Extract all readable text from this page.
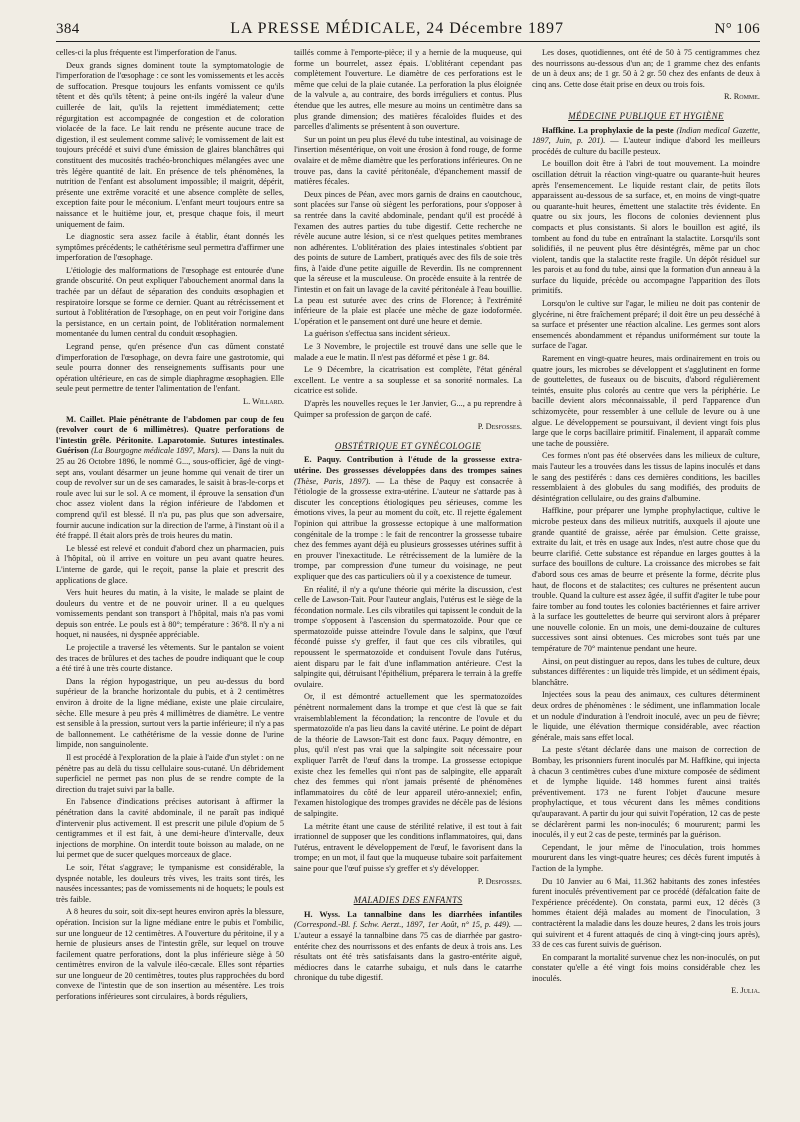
384	LA PRESSE MÉDICALE, 24 Décembre 1897	N° 106

celles-ci la plus fréquente est l'imperforation de l'anus.

Deux grands signes dominent toute la symptomatologie de l'imperforation de l'œsophage : ce sont les vomissements et les accès de suffocation. Presque toujours les enfants vomissent ce qu'ils têtent et dès qu'ils têtent; à peine ont-ils ingéré la valeur d'une cuillerée de lait, qu'ils la rejettent immédiatement; cette régurgitation est accompagnée de congestion et de coloration violacée de la face. Le lait rendu ne présente aucune trace de digestion, il est seulement comme salivé; le vomissement de lait est toujours précédé et suivi d'une émission de glaires blanchâtres qui constituent des mucosités trachéo-bronchiques mélangées avec une très légère quantité de lait. En présence de tels phénomènes, la nutrition de l'enfant est absolument impossible; il maigrit, dépérit, présente une extrême voracité et une absence complète de selles, exception faite pour le méconium. L'enfant meurt toujours entre sa naissance et le huitième jour, et, presque chaque fois, il meurt uniquement de faim.

Le diagnostic sera assez facile à établir, étant donnés les symptômes précédents; le cathétérisme seul permettra d'affirmer une imperforation de l'œsophage.

L'étiologie des malformations de l'œsophage est entourée d'une grande obscurité. On peut expliquer l'abouchement anormal dans la trachée par un défaut de séparation des conduits œsophagien et respiratoire lorsque se forme ce dernier. Quant au rétrécissement et surtout à l'oblitération de l'œsophage, on en peut voir l'origine dans la persistance, en un certain point, de l'oblitération normalement momentanée du lumen central du conduit œsophagien.

Legrand pense, qu'en présence d'un cas dûment constaté d'imperforation de l'œsophage, on devra faire une gastrotomie, qui seule pourra donner des renseignements suffisants pour une opération ultérieure, en cas de simple diaphragme œsophagien. Elle seule peut permettre de tenter l'alimentation de l'enfant.

L. Willard.

M. Caillet. Plaie pénétrante de l'abdomen par coup de feu (revolver court de 6 millimètres). Quatre perforations de l'intestin grêle. Péritonite. Laparotomie. Sutures intestinales. Guérison (La Bourgogne médicale 1897, Mars). — Dans la nuit du 25 au 26 Octobre 1896, le nommé G..., sous-officier, âgé de vingt-sept ans, voulant désarmer un jeune homme qui venait de tirer un coup de revolver sur un de ses camarades, le saisit à bras-le-corps et roule avec lui sur le sol. A ce moment, il éprouve la sensation d'un choc assez violent dans la région inférieure de l'abdomen et comprend qu'il est blessé. Il n'a pu, pas plus que son adversaire, fournir aucune indication sur la direction de l'arme, à l'instant où il a été frappé. Il était alors près de trois heures du matin.

Le blessé est relevé et conduit d'abord chez un pharmacien, puis à l'hôpital, où il arrive en voiture un peu avant quatre heures. L'interne de garde, qui le reçoit, panse la plaie et prescrit des applications de glace.

Vers huit heures du matin, à la visite, le malade se plaint de douleurs du ventre et de ne pouvoir uriner. Il a eu quelques vomissements pendant son transport à l'hôpital, mais n'a pas vomi depuis son entrée. Le pouls est à 80°; température : 36°8. Il n'y a ni hoquet, ni nausées, ni dyspnée appréciable.

Le projectile a traversé les vêtements. Sur le pantalon se voient des traces de brûlures et des taches de poudre indiquant que le coup a été tiré à une très courte distance.

Dans la région hypogastrique, un peu au-dessus du bord supérieur de la branche horizontale du pubis, et à 2 centimètres environ à droite de la ligne médiane, existe une plaie circulaire, sèche. Elle mesure à peu près 4 millimètres de diamètre. Le ventre est sensible à la pression, surtout vers la partie inférieure; il n'y a pas de ballonnement. Le cathétérisme de la vessie donne de l'urine limpide, non sanguinolente.

Il est procédé à l'exploration de la plaie à l'aide d'un stylet : on ne pénètre pas au delà du tissu cellulaire sous-cutané. Un débridement superficiel ne permet pas non plus de se rendre compte de la direction du trajet suivi par la balle.

En l'absence d'indications précises autorisant à affirmer la pénétration dans la cavité abdominale, il ne paraît pas indiqué d'intervenir plus activement. Il est prescrit une pilule d'opium de 5 centigrammes et il est fait, à une demi-heure d'intervalle, deux injections de morphine. On interdit toute boisson au malade, on ne lui permet que de sucer quelques morceaux de glace.

Le soir, l'état s'aggrave; le tympanisme est considérable, la dyspnée notable, les douleurs très vives, les traits sont tirés, les nausées incessantes; pas de vomissements ni de hoquets; le pouls est très faible.

A 8 heures du soir, soit dix-sept heures environ après la blessure, opération. Incision sur la ligne médiane entre le pubis et l'ombilic, sur une longueur de 12 centimètres. A l'ouverture du péritoine, il y a hernie de plusieurs anses de l'intestin grêle, sur lequel on trouve facilement quatre perforations, dont la plus inférieure siège à 50 centimètres environ de la valvule iléo-cæcale. Elles sont réparties sur une longueur de 20 centimètres, toutes plus rapprochées du bord convexe de l'intestin que de son insertion au mésentère. Les trois perforations inférieures sont circulaires, à bords réguliers,

taillés comme à l'emporte-pièce; il y a hernie de la muqueuse, qui forme un bourrelet, assez épais. L'oblitérant cependant pas complètement l'ouverture. Le diamètre de ces perforations est le même que celui de la plaie cutanée. La perforation la plus éloignée de la valvule a, au contraire, des bords irréguliers et contus. Plus étendue que les autres, elle mesure au moins un centimètre dans sa plus grande dimension; des matières fécaloïdes fluides et des parcelles d'aliments se présentent à son ouverture.

Sur un point un peu plus élevé du tube intestinal, au voisinage de l'insertion mésentérique, on voit une érosion à fond rouge, de forme ovalaire et de même diamètre que les perforations inférieures. On ne trouve pas, dans la cavité péritonéale, d'épanchement massif de matières fécales.

Deux pinces de Péan, avec mors garnis de drains en caoutchouc, sont placées sur l'anse où siègent les perforations, pour s'opposer à sa rentrée dans la cavité abdominale, pendant qu'il est procédé à l'examen des autres parties du tube digestif. Cette recherche ne révèle aucune autre lésion, si ce n'est quelques petites membranes non adhérentes. L'oblitération des plaies intestinales s'obtient par des points de suture de Lambert, pratiqués avec des fils de soie très fins, à l'aide d'une petite aiguille de Reverdin. Ils ne comprennent que la séreuse et la musculeuse. On procède ensuite à la rentrée de l'intestin et on fait un lavage de la cavité péritonéale à l'eau bouillie. La peau est suturée avec des crins de Florence; à l'extrémité inférieure de la plaie est placée une mèche de gaze iodoformée. L'opération et le pansement ont duré une heure et demie.

La guérison s'effectua sans incident sérieux.

Le 3 Novembre, le projectile est trouvé dans une selle que le malade a eue le matin. Il n'est pas déformé et pèse 1 gr. 84.

Le 9 Décembre, la cicatrisation est complète, l'état général excellent. Le ventre a sa souplesse et sa sonorité normales. La cicatrice est solide.

D'après les nouvelles reçues le 1er Janvier, G..., a pu reprendre à Quimper sa profession de garçon de café.

P. Desfosses.
OBSTÉTRIQUE ET GYNÉCOLOGIE

E. Paquy. Contribution à l'étude de la grossesse extra-utérine. Des grossesses développées dans des trompes saines (Thèse, Paris, 1897). — La thèse de Paquy est consacrée à l'étiologie de la grossesse extra-utérine. L'auteur ne s'attarde pas à discuter les conceptions étiologiques peu sérieuses, comme les émotions vives, la peur au moment du coït, etc. Il rejette également l'opinion qui attribue la grossesse ectopique à une malformation congénitale de la trompe : le fait de rencontrer la grossesse tubaire chez des femmes ayant déjà eu plusieurs grossesses utérines suffit à en prouver l'inexactitude. Le rétrécissement de la lumière de la trompe, par compression d'une tumeur du voisinage, ne peut expliquer que des cas particuliers où il y a coexistence de tumeur.

En réalité, il n'y a qu'une théorie qui mérite la discussion, c'est celle de Lawson-Tait. Pour l'auteur anglais, l'utérus est le siège de la fécondation normale. Les cils vibratiles qui tapissent le conduit de la trompe s'opposent à l'ascension du spermatozoïde. Pour que ce spermatozoïde puisse atteindre l'ovule dans le salpinx, que l'œuf fécondé puisse s'y greffer, il faut que ces cils vibratiles, qui repoussent le spermatozoïde et conduisent l'ovule dans l'utérus, aient disparu par le fait d'une inflammation antérieure. C'est la salpingite qui, détruisant l'épithélium, préparera le terrain à la greffe ovulaire.

Or, il est démontré actuellement que les spermatozoïdes pénètrent normalement dans la trompe et que c'est là que se fait vraisemblablement la fécondation; la rencontre de l'ovule et du spermatozoïde n'a pas lieu dans la cavité utérine. Le point de départ de la théorie de Lawson-Tait est donc faux. Paquy démontre, en plus, qu'il n'est pas vrai que la salpingite soit nécessaire pour expliquer l'arrêt de l'œuf dans la trompe. La grossesse ectopique existe chez les femelles qui n'ont pas de salpingite, elle apparaît chez des femmes qui n'ont jamais présenté de phénomènes inflammatoires du côté de leur appareil utéro-annexiel; enfin, l'examen histologique des trompes gravides ne décèle pas de lésions de salpingite.

La métrite étant une cause de stérilité relative, il est tout à fait irrationnel de supposer que les conditions inflammatoires, qui, dans l'utérus, entravent le développement de l'œuf, le favorisent dans la trompe; en un mot, il faut que la muqueuse tubaire soit parfaitement saine pour que l'œuf puisse s'y greffer et s'y développer.

P. Desfosses.
MALADIES DES ENFANTS

H. Wyss. La tannalbine dans les diarrhées infantiles (Correspond.-Bl. f. Schw. Aerzt., 1897, 1er Août, n° 15, p. 449). — L'auteur a essayé la tannalbine dans 75 cas de diarrhée par gastro-entérite chez des nourrissons et des enfants de deux à trois ans. Les résultats ont été très satisfaisants dans la gastro-entérite aiguë, médiocres dans le catarrhe subaigu, et nuls dans le catarrhe chronique du tube digestif.

Les doses, quotidiennes, ont été de 50 à 75 centigrammes chez des nourrissons au-dessous d'un an; de 1 gramme chez des enfants de un à deux ans; de 1 gr. 50 à 2 gr. 50 chez des enfants de deux à cinq ans. Cette dose était prise en deux ou trois fois.

R. Romme.
MÉDECINE PUBLIQUE ET HYGIÈNE

Haffkine. La prophylaxie de la peste (Indian medical Gazette, 1897, Juin, p. 201). — L'auteur indique d'abord les meilleurs procédés de culture du bacille pesteux.

Le bouillon doit être à l'abri de tout mouvement. La moindre oscillation détruit la réaction vingt-quatre ou quarante-huit heures après l'ensemencement. Le liquide restant clair, de petits îlots apparaissent au-dessous de sa surface, et, en moins de vingt-quatre ou quarante-huit heures, émettent une stalactite très évidente. En quatre ou six jours, les flocons de colonies deviennent plus compacts et plus consistants. Si alors le bouillon est agité, ils tombent au fond du tube en entraînant la stalactite. Lorsqu'ils sont solidifiés, il ne peuvent plus être désintégrés, même par un choc violent, tandis que la stalactite reste fragile. Un dépôt résiduel sur les parois et au fond du tube, ainsi que la formation d'un anneau à la surface du liquide, précède ou accompagne l'apparition des îlots primitifs.

Lorsqu'on le cultive sur l'agar, le milieu ne doit pas contenir de glycérine, ni être fraîchement préparé; il doit être un peu desséché à sa surface et présenter une réaction alcaline. Les germes sont alors ensemencés abondamment et répandus uniformément sur toute la surface de l'agar.

Rarement en vingt-quatre heures, mais ordinairement en trois ou quatre jours, les microbes se développent et s'agglutinent en forme de gouttelettes, de fuseaux ou de biscuits, d'abord régulièrement teintés, ensuite plus colorés au centre que vers la périphérie. Le bacille devient alors méconnaissable, il perd l'apparence d'un schizomycète, pour ressembler à une cellule de levure ou à une algue. Le développement se poursuivant, il devient vingt fois plus large que le corps bacillaire primitif. Finalement, il apparaît comme une tache de poussière.

Ces formes n'ont pas été observées dans les milieux de culture, mais l'auteur les a trouvées dans les tissus de lapins inoculés et dans le sang des pestiférés : dans ces dernières conditions, les bacilles ressemblaient à des globules du sang modifiés, des produits de désintégration cellulaire, ou des grains d'albumine.

Haffkine, pour préparer une lymphe prophylactique, cultive le microbe pesteux dans des milieux nutritifs, auxquels il ajoute une grande quantité de graisse, aérée par émulsion. Cette graisse, extraite du lait, et très en usage aux Indes, n'est autre chose que du beurre clarifié. Cette substance est répandue en larges gouttes à la surface des bouillons de culture. La croissance des microbes se fait d'abord sous ces amas de beurre et présente la forme, décrite plus haut, de flocons et de stalactites; ces cultures ne présentent aucun trouble. Quand la culture est assez âgée, il suffit d'agiter le tube pour faire tomber au fond toutes les colonies bactériennes et faire arriver à la surface les gouttelettes de beurre qui serviront alors à préparer une nouvelle colonie. En un mois, une demi-douzaine de cultures successives sont ainsi obtenues. Ces microbes sont tués par une température de 70° maintenue pendant une heure.

Ainsi, on peut distinguer au repos, dans les tubes de culture, deux substances différentes : un liquide très limpide, et un sédiment épais, blanchâtre.

Injectées sous la peau des animaux, ces cultures déterminent deux ordres de phénomènes : le sédiment, une inflammation locale et un nodule d'induration à l'endroit inoculé, avec un peu de fièvre; le liquide, une élévation thermique considérable, avec réaction générale, mais sans effet local.

La peste s'étant déclarée dans une maison de correction de Bombay, les prisonniers furent inoculés par M. Haffkine, qui injecta à chacun 3 centimètres cubes d'une mixture composée de sédiment et de lymphe liquide. 148 hommes furent ainsi traités préventivement. 173 ne furent l'objet d'aucune mesure prophylactique, et tous vécurent dans les mêmes conditions qu'auparavant. A partir du jour qui suivit l'opération, 12 cas de peste se déclarèrent parmi les non-inoculés; 6 moururent; parmi les inoculés, il y eut 2 cas de peste, terminés par la guérison.

Cependant, le jour même de l'inoculation, trois hommes moururent dans les vingt-quatre heures; ces décès furent imputés à l'action de la lymphe.

Du 10 Janvier au 6 Mai, 11.362 habitants des zones infestées furent inoculés préventivement par ce procédé (défalcation faite de l'expérience précédente). On constata, parmi eux, 12 décès (3 hommes étaient déjà malades au moment de l'inoculation, 3 contractèrent la maladie dans les douze heures, 2 dans les trois jours qui suivirent et 4 furent attaqués de cinq à vingt-cinq jours après), 33 de ces cas furent suivis de guérison.

En comparant la mortalité survenue chez les non-inoculés, on put constater qu'elle a été vingt fois moins considérable chez les inoculés.

E. Julia.
